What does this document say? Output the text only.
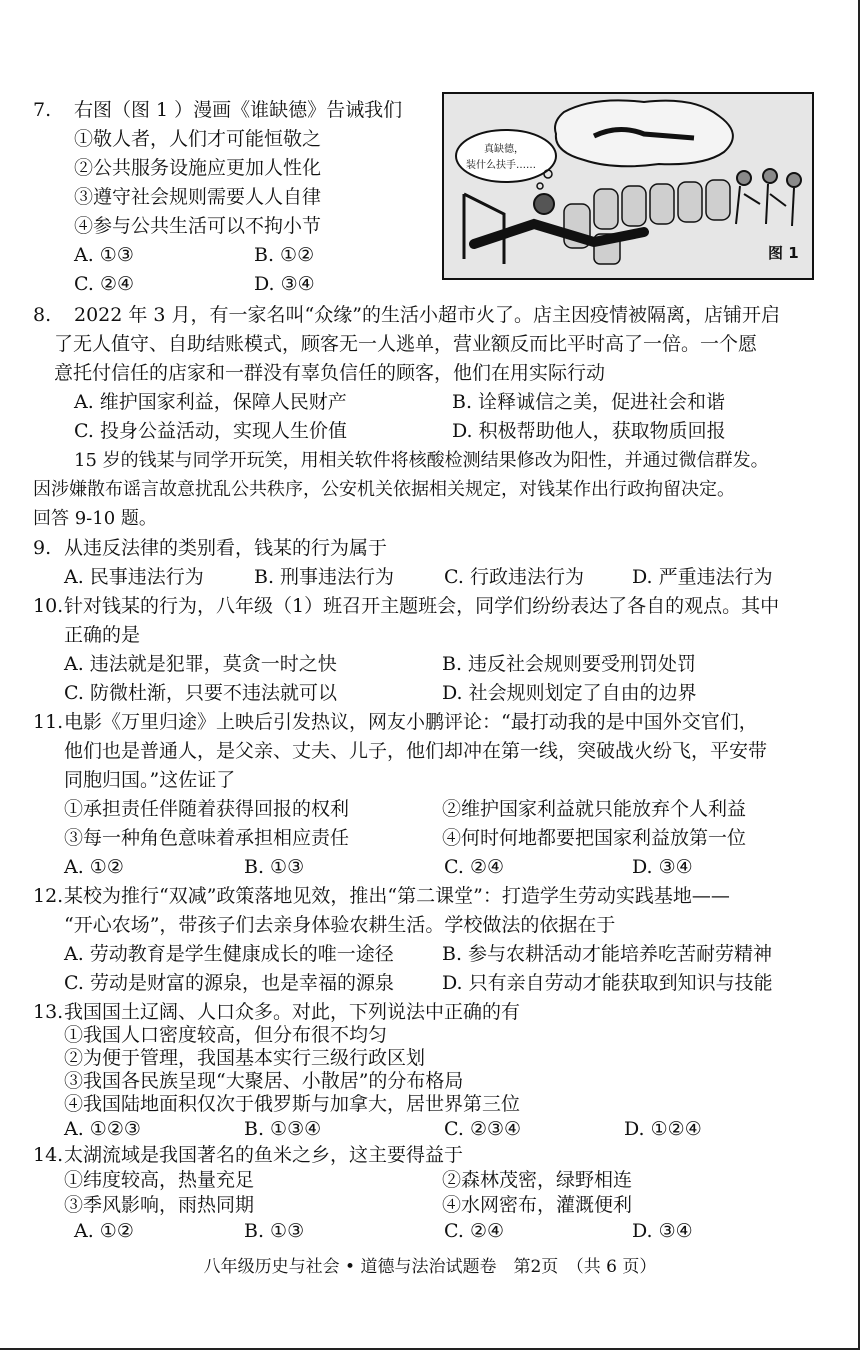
7. 右图（图 1 ）漫画《谁缺德》告诫我们
①敬人者，人们才可能恒敬之
②公共服务设施应更加人性化
③遵守社会规则需要人人自律
④参与公共生活可以不拘小节
A. ①③	B. ①②
C. ②④	D. ③④
真缺德，
装什么扶手……
图 1
8. 2022 年 3 月，有一家名叫“众缘”的生活小超市火了。店主因疫情被隔离，店铺开启
了无人值守、自助结账模式，顾客无一人逃单，营业额反而比平时高了一倍。一个愿
意托付信任的店家和一群没有辜负信任的顾客，他们在用实际行动
A. 维护国家利益，保障人民财产	B. 诠释诚信之美，促进社会和谐
C. 投身公益活动，实现人生价值	D. 积极帮助他人，获取物质回报
15 岁的钱某与同学开玩笑，用相关软件将核酸检测结果修改为阳性，并通过微信群发。
因涉嫌散布谣言故意扰乱公共秩序，公安机关依据相关规定，对钱某作出行政拘留决定。
回答 9-10 题。
9. 从违反法律的类别看，钱某的行为属于
A. 民事违法行为	B. 刑事违法行为	C. 行政违法行为	D. 严重违法行为
10. 针对钱某的行为，八年级（1）班召开主题班会，同学们纷纷表达了各自的观点。其中
正确的是
A. 违法就是犯罪，莫贪一时之快	B. 违反社会规则要受刑罚处罚
C. 防微杜渐，只要不违法就可以	D. 社会规则划定了自由的边界
11. 电影《万里归途》上映后引发热议，网友小鹏评论：“最打动我的是中国外交官们，
他们也是普通人，是父亲、丈夫、儿子，他们却冲在第一线，突破战火纷飞，平安带
同胞归国。”这佐证了
①承担责任伴随着获得回报的权利	②维护国家利益就只能放弃个人利益
③每一种角色意味着承担相应责任	④何时何地都要把国家利益放第一位
A. ①②	B. ①③	C. ②④	D. ③④
12. 某校为推行“双减”政策落地见效，推出“第二课堂”：打造学生劳动实践基地——
“开心农场”，带孩子们去亲身体验农耕生活。学校做法的依据在于
A. 劳动教育是学生健康成长的唯一途径	B. 参与农耕活动才能培养吃苦耐劳精神
C. 劳动是财富的源泉，也是幸福的源泉	D. 只有亲自劳动才能获取到知识与技能
13. 我国国土辽阔、人口众多。对此，下列说法中正确的有
①我国人口密度较高，但分布很不均匀
②为便于管理，我国基本实行三级行政区划
③我国各民族呈现“大聚居、小散居”的分布格局
④我国陆地面积仅次于俄罗斯与加拿大，居世界第三位
A. ①②③	B. ①③④	C. ②③④	D. ①②④
14. 太湖流域是我国著名的鱼米之乡，这主要得益于
①纬度较高，热量充足	②森林茂密，绿野相连
③季风影响，雨热同期	④水网密布，灌溉便利
八年级历史与社会 • 道德与法治试题卷　第2页　（共 6 页）
A. ①②	B. ①③	C. ②④	D. ③④
